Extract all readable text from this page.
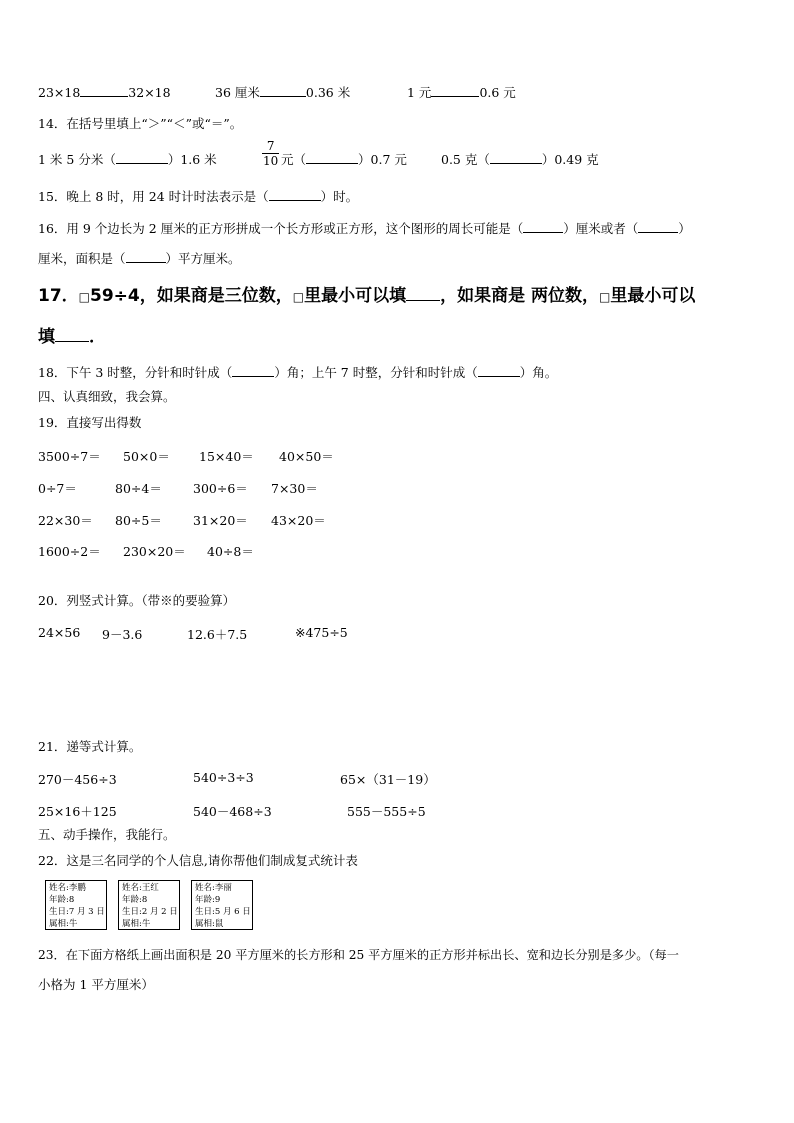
23×18	32×18	36 厘米	0.36 米	1 元	0.6 元
14．在括号里填上“＞”“＜”或“＝”。
1 米 5 分米（	）1.6 米	$\frac{7}{10}$ 元（	）0.7 元	0.5 克（	）0.49 克
15．晚上 8 时，用 24 时计时法表示是（	）时。
16．用 9 个边长为 2 厘米的正方形拼成一个长方形或正方形，这个图形的周长可能是（	）厘米或者（	）
厘米，面积是（	）平方厘米。
17．□59÷4，如果商是三位数，□里最小可以填 ，如果商是 两位数，□里最小可以
填 ．
18．下午 3 时整，分针和时针成（	）角；上午 7 时整，分针和时针成（	）角。
四、认真细致，我会算。
19．直接写出得数
3500÷7＝ 50×0＝ 15×40＝ 40×50＝
0÷7＝	80÷4＝ 300÷6＝ 7×30＝
22×30＝ 80÷5＝ 31×20＝ 43×20＝
1600÷2＝ 230×20＝ 40÷8＝
20．列竖式计算。（带※的要验算）
24×56 9－3.6	12.6＋7.5	※475÷5
21．递等式计算。
270－456÷3	540÷3÷3	65×（31－19）
25×16＋125	540－468÷3	555－555÷5
五、动手操作，我能行。
22．这是三名同学的个人信息,请你帮他们制成复式统计表
姓名:李鹏
年龄:8
生日:7 月 3 日
属相:牛
姓名:王红
年龄:8
生日:2 月 2 日
属相:牛
姓名:李丽
年龄:9
生日:5 月 6 日
属相:鼠
23．在下面方格纸上画出面积是 20 平方厘米的长方形和 25 平方厘米的正方形并标出长、宽和边长分别是多少。（每一
小格为 1 平方厘米）
